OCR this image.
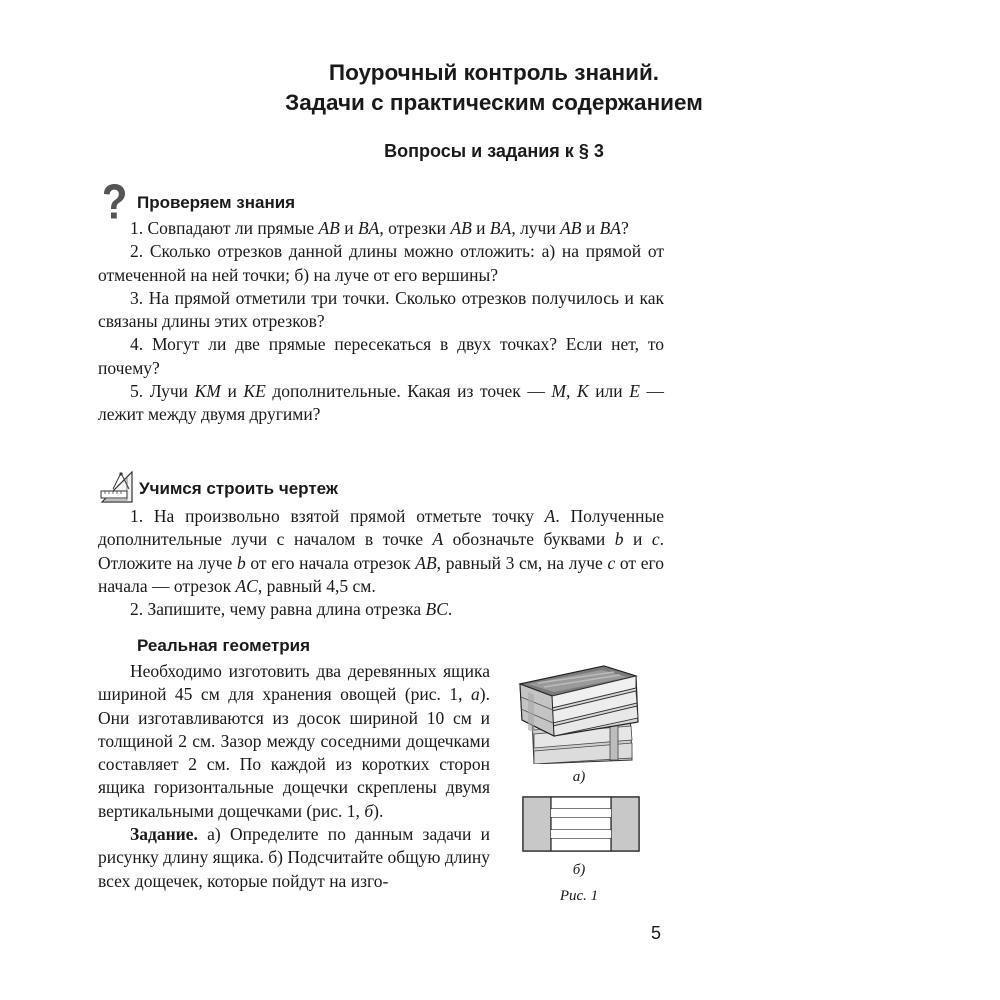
Поурочный контроль знаний.
Задачи с практическим содержанием
Вопросы и задания к § 3
Проверяем знания

1. Совпадают ли прямые AB и BA, отрезки AB и BA, лучи AB и BA?

2. Сколько отрезков данной длины можно отложить: а) на прямой от отмеченной на ней точки; б) на луче от его вершины?

3. На прямой отметили три точки. Сколько отрезков получилось и как связаны длины этих отрезков?

4. Могут ли две прямые пересекаться в двух точках? Если нет, то почему?

5. Лучи KM и KE дополнительные. Какая из точек — M, K или E — лежит между двумя другими?

Учимся строить чертеж

1. На произвольно взятой прямой отметьте точку A. Полученные дополнительные лучи с началом в точке A обозначьте буквами b и c. Отложите на луче b от его начала отрезок AB, равный 3 см, на луче c от его начала — отрезок AC, равный 4,5 см.

2. Запишите, чему равна длина отрезка BC.

Реальная геометрия

Необходимо изготовить два деревянных ящика шириной 45 см для хранения овощей (рис. 1, а). Они изготавливаются из досок шириной 10 см и толщиной 2 см. Зазор между соседними дощечками составляет 2 см. По каждой из коротких сторон ящика горизонтальные дощечки скреплены двумя вертикальными дощечками (рис. 1, б).

Задание. а) Определите по данным задачи и рисунку длину ящика. б) Подсчитайте общую длину всех дощечек, которые пойдут на изго-

а)
б)
Рис. 1
5
